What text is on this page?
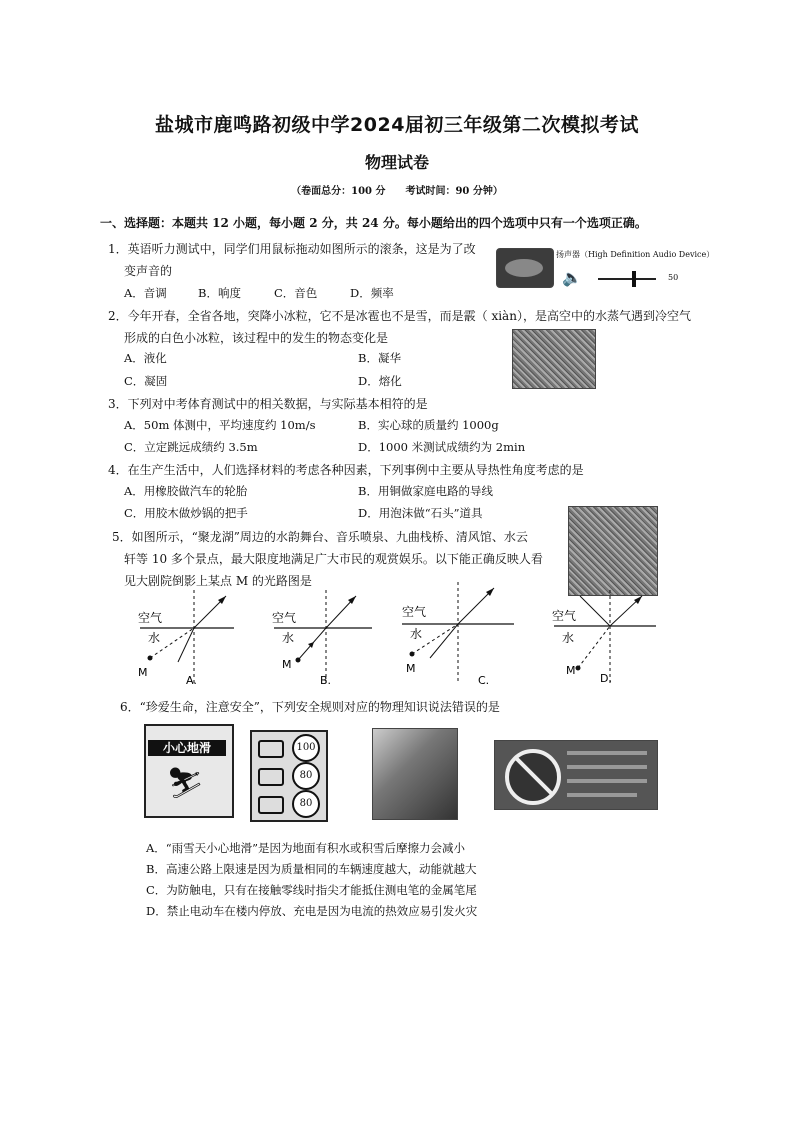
盐城市鹿鸣路初级中学2024届初三年级第二次模拟考试
物理试卷
（卷面总分：100 分　　考试时间：90 分钟）
一、选择题：本题共 12 小题，每小题 2 分，共 24 分。每小题给出的四个选项中只有一个选项正确。
1．英语听力测试中，同学们用鼠标拖动如图所示的滚条，这是为了改
变声音的
A．音调	B．响度	C．音色	D．频率
扬声器（High Definition Audio Device）
🔈	50
2．今年开春，全省各地，突降小冰粒，它不是冰雹也不是雪，而是霰（ xiàn），是高空中的水蒸气遇到冷空气
形成的白色小冰粒，该过程中的发生的物态变化是
A．液化	B．凝华
C．凝固	D．熔化
3．下列对中考体育测试中的相关数据，与实际基本相符的是
A．50m 体测中，平均速度约 10m/s	B．实心球的质量约 1000g
C．立定跳远成绩约 3.5m	D．1000 米测试成绩约为 2min
4．在生产生活中，人们选择材料的考虑各种因素，下列事例中主要从导热性角度考虑的是
A．用橡胶做汽车的轮胎	B．用铜做家庭电路的导线
C．用胶木做炒锅的把手	D．用泡沫做“石头”道具
5．如图所示，“聚龙湖”周边的水韵舞台、音乐喷泉、九曲栈桥、清风馆、水云
轩等 10 多个景点，最大限度地满足广大市民的观赏娱乐。以下能正确反映人看
见大剧院倒影上某点 M 的光路图是
空气
水
M
A.
空气
水
M
B.
空气
水
M
C.
空气
水
M
D.
6．“珍爱生命，注意安全”，下列安全规则对应的物理知识说法错误的是
小心地滑
⛷
100
80
80
A．“雨雪天小心地滑”是因为地面有积水或积雪后摩擦力会减小
B．高速公路上限速是因为质量相同的车辆速度越大，动能就越大
C．为防触电，只有在接触零线时指尖才能抵住测电笔的金属笔尾
D．禁止电动车在楼内停放、充电是因为电流的热效应易引发火灾
